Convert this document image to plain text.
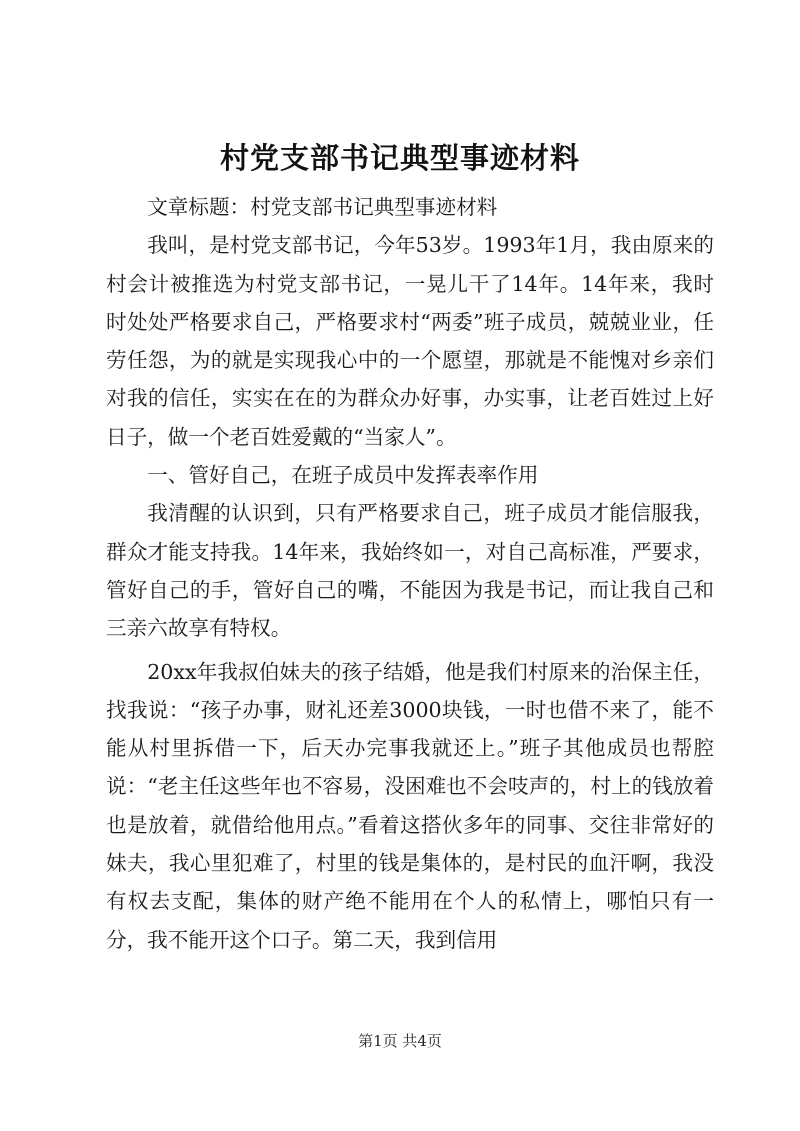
村党支部书记典型事迹材料

文章标题：村党支部书记典型事迹材料

我叫，是村党支部书记，今年53岁。1993年1月，我由原来的村会计被推选为村党支部书记，一晃儿干了14年。14年来，我时时处处严格要求自己，严格要求村“两委”班子成员，兢兢业业，任劳任怨，为的就是实现我心中的一个愿望，那就是不能愧对乡亲们对我的信任，实实在在的为群众办好事，办实事，让老百姓过上好日子，做一个老百姓爱戴的“当家人”。

一、管好自己，在班子成员中发挥表率作用

我清醒的认识到，只有严格要求自己，班子成员才能信服我，群众才能支持我。14年来，我始终如一，对自己高标准，严要求，管好自己的手，管好自己的嘴，不能因为我是书记，而让我自己和三亲六故享有特权。

20xx年我叔伯妹夫的孩子结婚，他是我们村原来的治保主任，找我说：“孩子办事，财礼还差3000块钱，一时也借不来了，能不能从村里拆借一下，后天办完事我就还上。”班子其他成员也帮腔说：“老主任这些年也不容易，没困难也不会吱声的，村上的钱放着也是放着，就借给他用点。”看着这搭伙多年的同事、交往非常好的妹夫，我心里犯难了，村里的钱是集体的，是村民的血汗啊，我没有权去支配，集体的财产绝不能用在个人的私情上，哪怕只有一分，我不能开这个口子。第二天，我到信用

第1页 共4页
